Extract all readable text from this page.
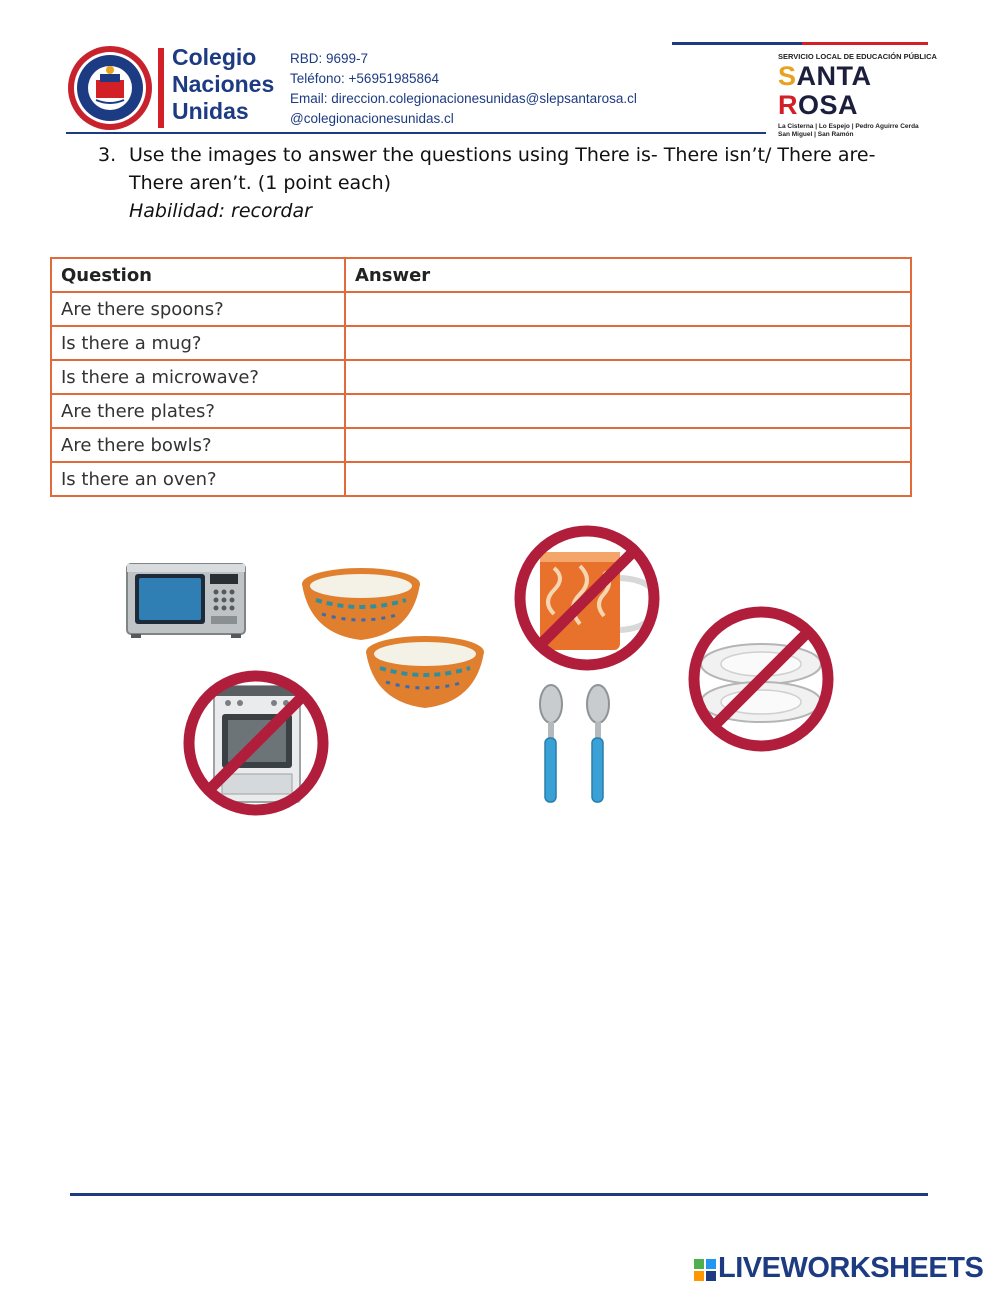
Colegio
Naciones
Unidas
RBD: 9699-7
Teléfono: +56951985864
Email: direccion.colegionacionesunidas@slepsantarosa.cl
@colegionacionesunidas.cl
SERVICIO LOCAL DE EDUCACIÓN PÚBLICA
SANTA
ROSA
La Cisterna | Lo Espejo | Pedro Aguirre Cerda
San Miguel | San Ramón
3. Use the images to answer the questions using There is- There isn’t/ There are- There aren’t. (1 point each)
Habilidad: recordar
Question	Answer
Are there spoons?	
Is there a mug?	
Is there a microwave?	
Are there plates?	
Are there bowls?	
Is there an oven?	
LIVEWORKSHEETS
